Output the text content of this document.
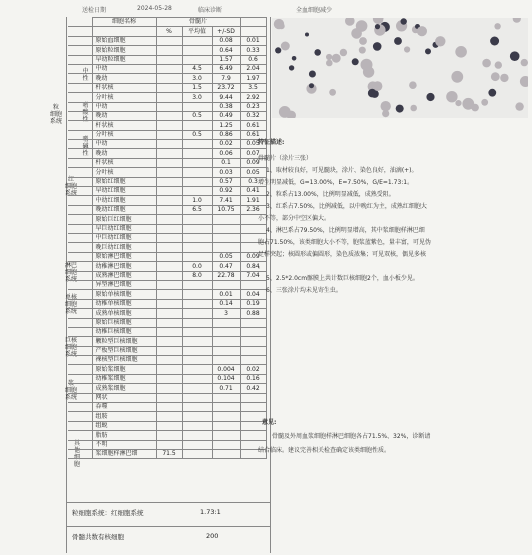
送检日期	2024-05-28	临床诊断	全血细胞减少
粒
细胞
系统
中
性
嗜
酸
性
嗜
碱
性
红
细胞
系统
淋巴
细胞
系统
单核
细胞
系统
巨核
细胞
系统
浆
细胞
系统
其
他
细
胞
	细胞名称	骨髓片			
		%	平均值	+/-SD	
	原始血细胞			0.08	0.01
	原始粒细胞			0.64	0.33
	早幼粒细胞			1.57	0.6
	中幼		4.5	6.49	2.04
	晚幼		3.0	7.9	1.97
	杆状核		1.5	23.72	3.5
	分叶核		3.0	9.44	2.92
	中幼			0.38	0.23
	晚幼		0.5	0.49	0.32
	杆状核			1.25	0.61
	分叶核		0.5	0.86	0.61
	中幼			0.02	0.05
	晚幼			0.06	0.07
	杆状核			0.1	0.09
	分叶核			0.03	0.05
	原始红细胞			0.57	0.3
	早幼红细胞			0.92	0.41
	中幼红细胞		1.0	7.41	1.91
	晚幼红细胞		6.5	10.75	2.36
	原始巨红细胞				
	早巨幼红细胞				
	中巨幼红细胞				
	晚巨幼红细胞				
	原始淋巴细胞			0.05	0.09
	幼稚淋巴细胞		0.0	0.47	0.84
	成熟淋巴细胞		8.0	22.78	7.04
	异型淋巴细胞				
	原始单核细胞			0.01	0.04
	幼稚单核细胞			0.14	0.19
	成熟单核细胞			3	0.88
	原始巨核细胞				
	幼稚巨核细胞				
	颗粒型巨核细胞				
	产板型巨核细胞				
	裸核型巨核细胞				
	原始浆细胞			0.004	0.02
	幼稚浆细胞			0.104	0.16
	成熟浆细胞			0.71	0.42
	网状				
	吞噬				
	组胺				
	组蜕				
	脂肪				
	不明				
	浆细胞样淋巴细	71.5			
粒细胞系统：红细胞系统	1.73:1
骨髓共数有核细胞	200
特征描述:
骨髓片（涂片三张）
1、取材较良好，可见髓块，涂片、染色良好，油滴(+)。
增生明显减低，G=13.00%，E=7.50%，G/E=1.73:1。
2、粒系占13.00%，比例明显减低，成熟受阻。
3、红系占7.50%，比例减低，以中晚红为主，成熟红细胞大
小不等，部分中空区偏大。
4、淋巴系占79.50%，比例明显增高，其中浆细胞样淋巴细
胞占71.50%，该类细胞大小不等，胞浆蓝紫色，量丰富，可见伪
足样突起；核圆形或偏圆形，染色质浓集；可见双核，偶见多核
。
5、2.5*2.0cm髂膜上共计数巨核细胞2个，血小板少见。
6、三张涂片均未见寄生虫。
意见:
骨髓及外周血浆细胞样淋巴细胞各占71.5%、32%，诊断请
结合临床。建议完善相关检查确定该类细胞性质。
